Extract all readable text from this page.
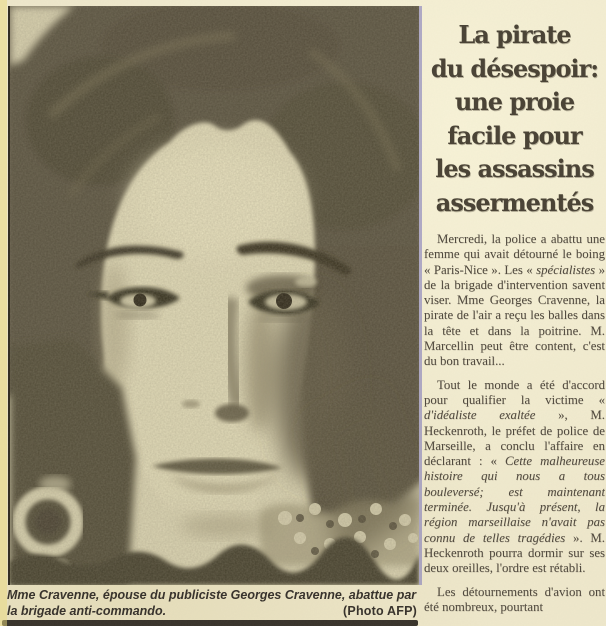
Mme Cravenne, épouse du publiciste Georges Cravenne, abattue par la brigade anti-commando.	(Photo AFP)
La pirate
du désespoir:
une proie
facile pour
les assassins
assermentés

Mercredi, la police a abattu une femme qui avait détourné le boing « Paris-Nice ». Les « spécialistes » de la brigade d'intervention savent viser. Mme Georges Cravenne, la pirate de l'air a reçu les balles dans la tête et dans la poitrine. M. Marcellin peut être content, c'est du bon travail...

Tout le monde a été d'accord pour qualifier la victime « d'idéaliste exaltée », M. Heckenroth, le préfet de police de Marseille, a conclu l'affaire en déclarant : « Cette malheureuse histoire qui nous a tous bouleversé; est maintenant terminée. Jusqu'à présent, la région marseillaise n'avait pas connu de telles tragédies ». M. Heckenroth pourra dormir sur ses deux oreilles, l'ordre est rétabli.

Les détournements d'avion ont été nombreux, pourtant
